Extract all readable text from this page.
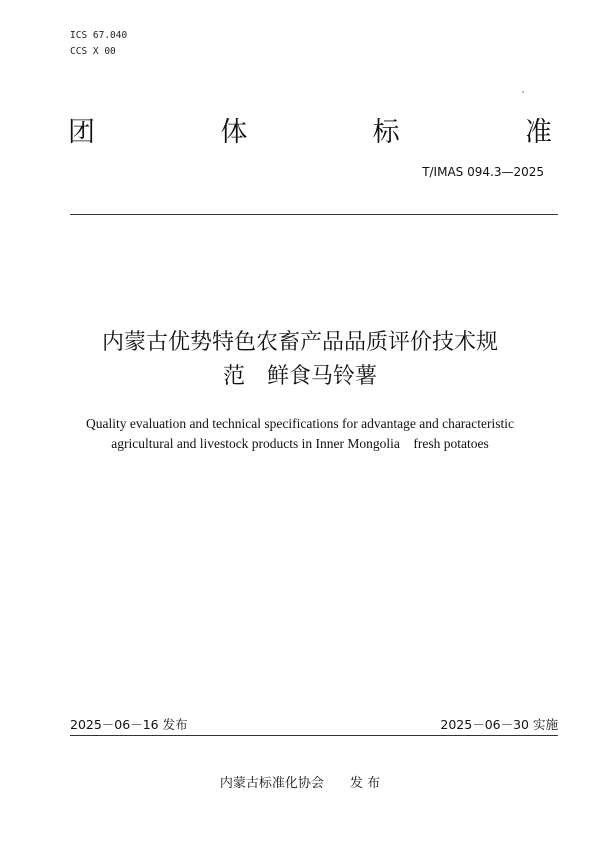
ICS 67.040
CCS X 00
团	体	标	准
T/IMAS 094.3—2025
内蒙古优势特色农畜产品品质评价技术规
范　鲜食马铃薯
Quality evaluation and technical specifications for advantage and characteristic
agricultural and livestock products in Inner Mongolia　fresh potatoes
2025－06－16 发布	2025－06－30 实施
内蒙古标准化协会 发 布
